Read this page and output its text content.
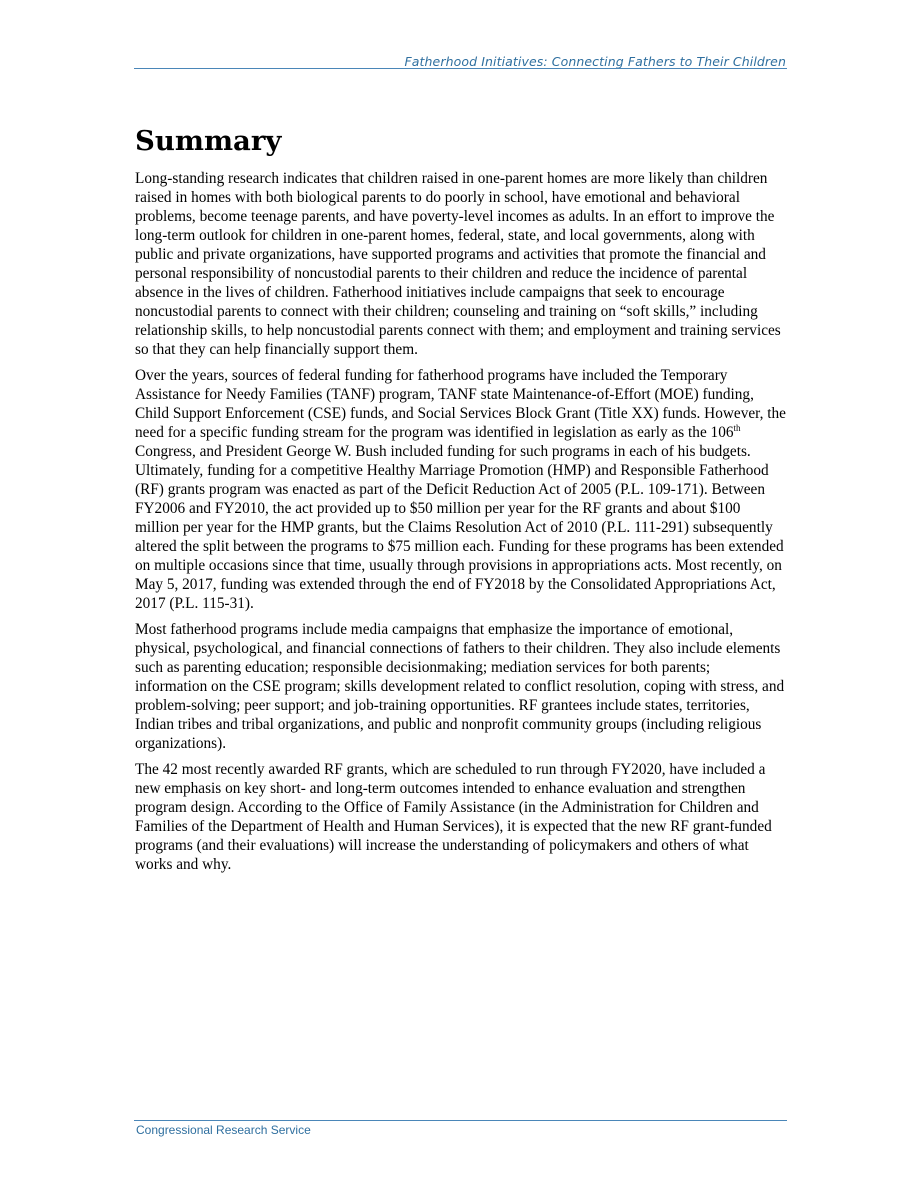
Fatherhood Initiatives: Connecting Fathers to Their Children
Summary

Long-standing research indicates that children raised in one-parent homes are more likely than children raised in homes with both biological parents to do poorly in school, have emotional and behavioral problems, become teenage parents, and have poverty-level incomes as adults. In an effort to improve the long-term outlook for children in one-parent homes, federal, state, and local governments, along with public and private organizations, have supported programs and activities that promote the financial and personal responsibility of noncustodial parents to their children and reduce the incidence of parental absence in the lives of children. Fatherhood initiatives include campaigns that seek to encourage noncustodial parents to connect with their children; counseling and training on “soft skills,” including relationship skills, to help noncustodial parents connect with them; and employment and training services so that they can help financially support them.

Over the years, sources of federal funding for fatherhood programs have included the Temporary Assistance for Needy Families (TANF) program, TANF state Maintenance-of-Effort (MOE) funding, Child Support Enforcement (CSE) funds, and Social Services Block Grant (Title XX) funds. However, the need for a specific funding stream for the program was identified in legislation as early as the 106th Congress, and President George W. Bush included funding for such programs in each of his budgets. Ultimately, funding for a competitive Healthy Marriage Promotion (HMP) and Responsible Fatherhood (RF) grants program was enacted as part of the Deficit Reduction Act of 2005 (P.L. 109-171). Between FY2006 and FY2010, the act provided up to $50 million per year for the RF grants and about $100 million per year for the HMP grants, but the Claims Resolution Act of 2010 (P.L. 111-291) subsequently altered the split between the programs to $75 million each. Funding for these programs has been extended on multiple occasions since that time, usually through provisions in appropriations acts. Most recently, on May 5, 2017, funding was extended through the end of FY2018 by the Consolidated Appropriations Act, 2017 (P.L. 115-31).

Most fatherhood programs include media campaigns that emphasize the importance of emotional, physical, psychological, and financial connections of fathers to their children. They also include elements such as parenting education; responsible decisionmaking; mediation services for both parents; information on the CSE program; skills development related to conflict resolution, coping with stress, and problem-solving; peer support; and job-training opportunities. RF grantees include states, territories, Indian tribes and tribal organizations, and public and nonprofit community groups (including religious organizations).

The 42 most recently awarded RF grants, which are scheduled to run through FY2020, have included a new emphasis on key short- and long-term outcomes intended to enhance evaluation and strengthen program design. According to the Office of Family Assistance (in the Administration for Children and Families of the Department of Health and Human Services), it is expected that the new RF grant-funded programs (and their evaluations) will increase the understanding of policymakers and others of what works and why.

Congressional Research Service
